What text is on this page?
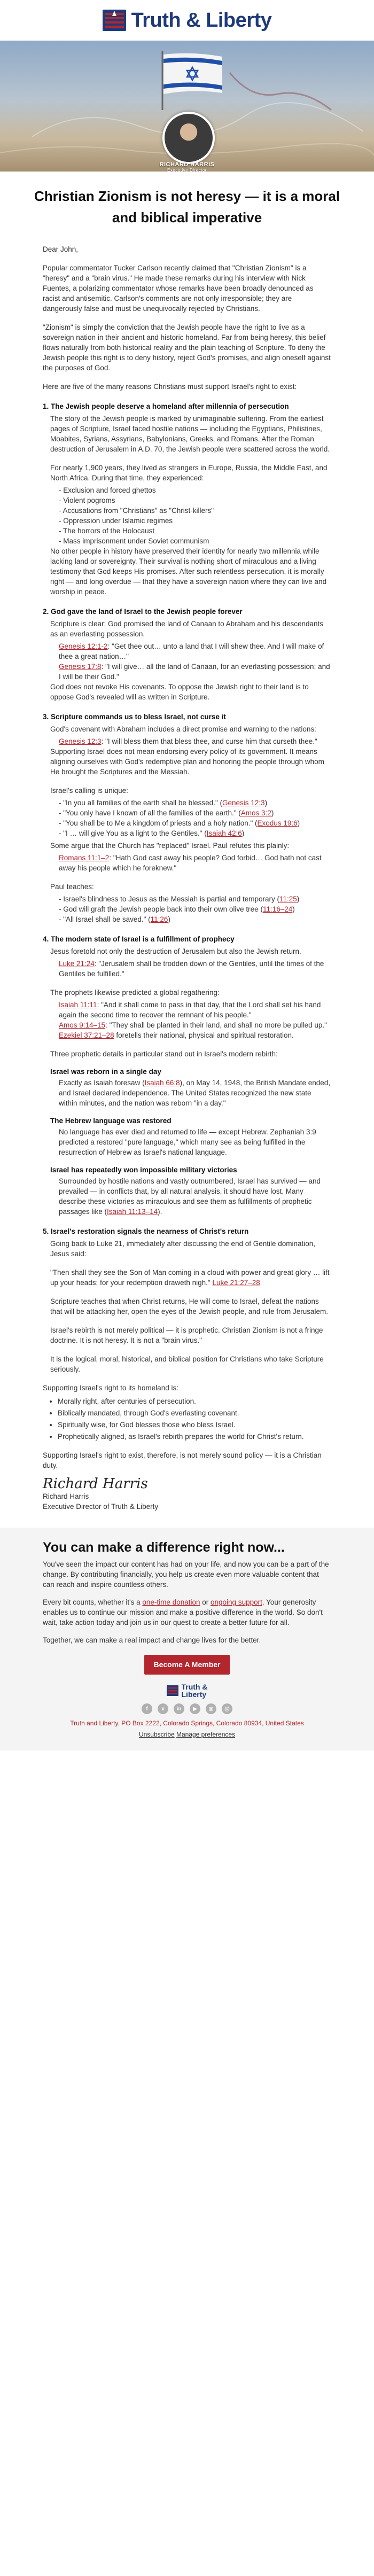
Truth & Liberty
RICHARD HARRIS
Executive Director
Christian Zionism is not heresy — it is a moral and biblical imperative

Dear John,

Popular commentator Tucker Carlson recently claimed that "Christian Zionism" is a "heresy" and a "brain virus." He made these remarks during his interview with Nick Fuentes, a polarizing commentator whose remarks have been broadly denounced as racist and antisemitic. Carlson's comments are not only irresponsible; they are dangerously false and must be unequivocally rejected by Christians.

"Zionism" is simply the conviction that the Jewish people have the right to live as a sovereign nation in their ancient and historic homeland. Far from being heresy, this belief flows naturally from both historical reality and the plain teaching of Scripture. To deny the Jewish people this right is to deny history, reject God's promises, and align oneself against the purposes of God.

Here are five of the many reasons Christians must support Israel's right to exist:

1. The Jewish people deserve a homeland after millennia of persecution

The story of the Jewish people is marked by unimaginable suffering. From the earliest pages of Scripture, Israel faced hostile nations — including the Egyptians, Philistines, Moabites, Syrians, Assyrians, Babylonians, Greeks, and Romans. After the Roman destruction of Jerusalem in A.D. 70, the Jewish people were scattered across the world.

For nearly 1,900 years, they lived as strangers in Europe, Russia, the Middle East, and North Africa. During that time, they experienced:

- Exclusion and forced ghettos
- Violent pogroms
- Accusations from "Christians" as "Christ-killers"
- Oppression under Islamic regimes
- The horrors of the Holocaust
- Mass imprisonment under Soviet communism

No other people in history have preserved their identity for nearly two millennia while lacking land or sovereignty. Their survival is nothing short of miraculous and a living testimony that God keeps His promises. After such relentless persecution, it is morally right — and long overdue — that they have a sovereign nation where they can live and worship in peace.

2. God gave the land of Israel to the Jewish people forever

Scripture is clear: God promised the land of Canaan to Abraham and his descendants as an everlasting possession.

Genesis 12:1-2: "Get thee out… unto a land that I will shew thee. And I will make of thee a great nation…"
Genesis 17:8: "I will give… all the land of Canaan, for an everlasting possession; and I will be their God."

God does not revoke His covenants. To oppose the Jewish right to their land is to oppose God's revealed will as written in Scripture.

3. Scripture commands us to bless Israel, not curse it

God's covenant with Abraham includes a direct promise and warning to the nations:

Genesis 12:3: "I will bless them that bless thee, and curse him that curseth thee."

Supporting Israel does not mean endorsing every policy of its government. It means aligning ourselves with God's redemptive plan and honoring the people through whom He brought the Scriptures and the Messiah.

Israel's calling is unique:

- "In you all families of the earth shall be blessed." (Genesis 12:3)
- "You only have I known of all the families of the earth." (Amos 3:2)
- "You shall be to Me a kingdom of priests and a holy nation." (Exodus 19:6)
- "I … will give You as a light to the Gentiles." (Isaiah 42:6)

Some argue that the Church has "replaced" Israel. Paul refutes this plainly:

Romans 11:1–2: "Hath God cast away his people? God forbid… God hath not cast away his people which he foreknew."

Paul teaches:

- Israel's blindness to Jesus as the Messiah is partial and temporary (11:25)
- God will graft the Jewish people back into their own olive tree (11:16–24)
- "All Israel shall be saved." (11:26)
4. The modern state of Israel is a fulfillment of prophecy

Jesus foretold not only the destruction of Jerusalem but also the Jewish return.

Luke 21:24: "Jerusalem shall be trodden down of the Gentiles, until the times of the Gentiles be fulfilled."

The prophets likewise predicted a global regathering:

Isaiah 11:11: "And it shall come to pass in that day, that the Lord shall set his hand again the second time to recover the remnant of his people."
Amos 9:14–15: "They shall be planted in their land, and shall no more be pulled up."
Ezekiel 37:21–28 foretells their national, physical and spiritual restoration.

Three prophetic details in particular stand out in Israel's modern rebirth:

Israel was reborn in a single day
Exactly as Isaiah foresaw (Isaiah 66:8), on May 14, 1948, the British Mandate ended, and Israel declared independence. The United States recognized the new state within minutes, and the nation was reborn "in a day."
The Hebrew language was restored
No language has ever died and returned to life — except Hebrew. Zephaniah 3:9 predicted a restored "pure language," which many see as being fulfilled in the resurrection of Hebrew as Israel's national language.
Israel has repeatedly won impossible military victories
Surrounded by hostile nations and vastly outnumbered, Israel has survived — and prevailed — in conflicts that, by all natural analysis, it should have lost. Many describe these victories as miraculous and see them as fulfillments of prophetic passages like (Isaiah 11:13–14).
5. Israel's restoration signals the nearness of Christ's return

Going back to Luke 21, immediately after discussing the end of Gentile domination, Jesus said:

"Then shall they see the Son of Man coming in a cloud with power and great glory … lift up your heads; for your redemption draweth nigh." Luke 21:27–28

Scripture teaches that when Christ returns, He will come to Israel, defeat the nations that will be attacking her, open the eyes of the Jewish people, and rule from Jerusalem.

Israel's rebirth is not merely political — it is prophetic. Christian Zionism is not a fringe doctrine. It is not heresy. It is not a "brain virus."

It is the logical, moral, historical, and biblical position for Christians who take Scripture seriously.

Supporting Israel's right to its homeland is:

• Morally right, after centuries of persecution.
• Biblically mandated, through God's everlasting covenant.
• Spiritually wise, for God blesses those who bless Israel.
• Prophetically aligned, as Israel's rebirth prepares the world for Christ's return.

Supporting Israel's right to exist, therefore, is not merely sound policy — it is a Christian duty.

Richard Harris
Richard Harris
Executive Director of Truth & Liberty
You can make a difference right now...

You've seen the impact our content has had on your life, and now you can be a part of the change. By contributing financially, you help us create even more valuable content that can reach and inspire countless others.

Every bit counts, whether it's a one-time donation or ongoing support. Your generosity enables us to continue our mission and make a positive difference in the world. So don't wait, take action today and join us in our quest to create a better future for all.

Together, we can make a real impact and change lives for the better.

Become A Member
Truth &
Liberty
f	x	in	▶	◎	@
Truth and Liberty, PO Box 2222, Colorado Springs, Colorado 80934, United States
Unsubscribe Manage preferences
